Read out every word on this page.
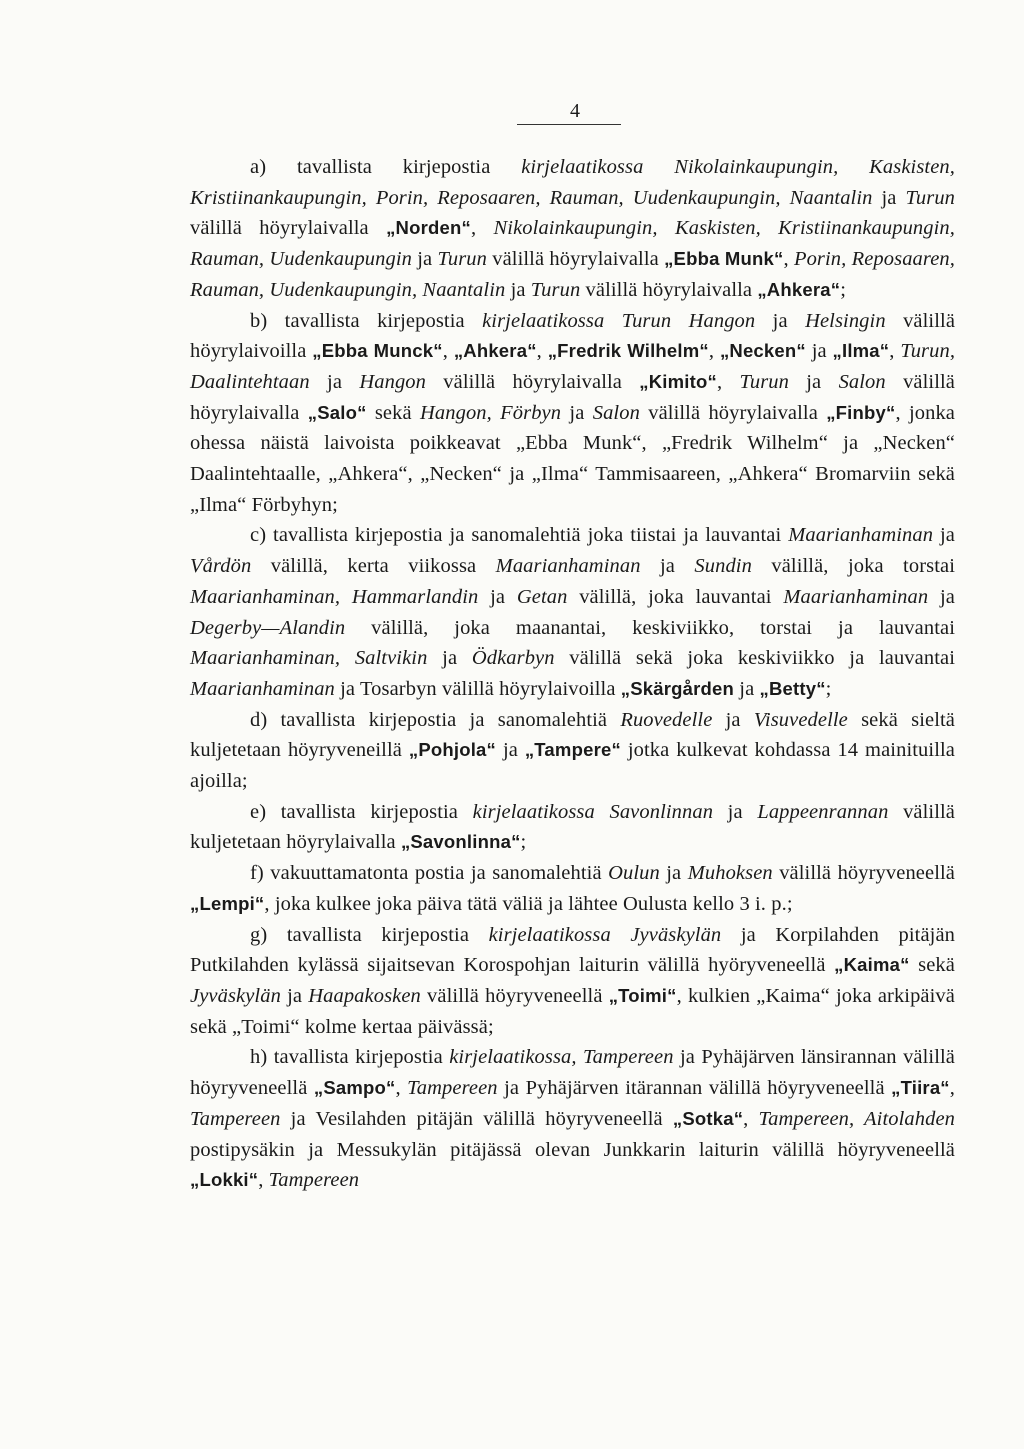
4

a) tavallista kirjepostia kirjelaatikossa Nikolainkaupungin, Kaskisten, Kristiinankaupungin, Porin, Reposaaren, Rauman, Uudenkaupungin, Naantalin ja Turun välillä höyrylaivalla „Norden“, Nikolainkaupungin, Kaskisten, Kristiinankaupungin, Rauman, Uudenkaupungin ja Turun välillä höyrylaivalla „Ebba Munk“, Porin, Reposaaren, Rauman, Uudenkaupungin, Naantalin ja Turun välillä höyrylaivalla „Ahkera“;

b) tavallista kirjepostia kirjelaatikossa Turun Hangon ja Helsingin välillä höyrylaivoilla „Ebba Munck“, „Ahkera“, „Fredrik Wilhelm“, „Necken“ ja „Ilma“, Turun, Daalintehtaan ja Hangon välillä höyrylaivalla „Kimito“, Turun ja Salon välillä höyrylaivalla „Salo“ sekä Hangon, Förbyn ja Salon välillä höyrylaivalla „Finby“, jonka ohessa näistä laivoista poikkeavat „Ebba Munk“, „Fredrik Wilhelm“ ja „Necken“ Daalintehtaalle, „Ahkera“, „Necken“ ja „Ilma“ Tammisaareen, „Ahkera“ Bromarviin sekä „Ilma“ Förbyhyn;

c) tavallista kirjepostia ja sanomalehtiä joka tiistai ja lauvantai Maarianhaminan ja Vårdön välillä, kerta viikossa Maarianhaminan ja Sundin välillä, joka torstai Maarianhaminan, Hammarlandin ja Getan välillä, joka lauvantai Maarianhaminan ja Degerby—Alandin välillä, joka maanantai, keskiviikko, torstai ja lauvantai Maarianhaminan, Saltvikin ja Ödkarbyn välillä sekä joka keskiviikko ja lauvantai Maarianhaminan ja Tosarbyn välillä höyrylaivoilla „Skärgården ja „Betty“;

d) tavallista kirjepostia ja sanomalehtiä Ruovedelle ja Visuvedelle sekä sieltä kuljetetaan höyryveneillä „Pohjola“ ja „Tampere“ jotka kulkevat kohdassa 14 mainituilla ajoilla;

e) tavallista kirjepostia kirjelaatikossa Savonlinnan ja Lappeenrannan välillä kuljetetaan höyrylaivalla „Savonlinna“;

f) vakuuttamatonta postia ja sanomalehtiä Oulun ja Muhoksen välillä höyryveneellä „Lempi“, joka kulkee joka päiva tätä väliä ja lähtee Oulusta kello 3 i. p.;

g) tavallista kirjepostia kirjelaatikossa Jyväskylän ja Korpilahden pitäjän Putkilahden kylässä sijaitsevan Korospohjan laiturin välillä hyöryveneellä „Kaima“ sekä Jyväskylän ja Haapakosken välillä höyryveneellä „Toimi“, kulkien „Kaima“ joka arkipäivä sekä „Toimi“ kolme kertaa päivässä;

h) tavallista kirjepostia kirjelaatikossa, Tampereen ja Pyhäjärven länsirannan välillä höyryveneellä „Sampo“, Tampereen ja Pyhäjärven itärannan välillä höyryveneellä „Tiira“, Tampereen ja Vesilahden pitäjän välillä höyryveneellä „Sotka“, Tampereen, Aitolahden postipysäkin ja Messukylän pitäjässä olevan Junkkarin laiturin välillä höyryveneellä „Lokki“, Tampereen
